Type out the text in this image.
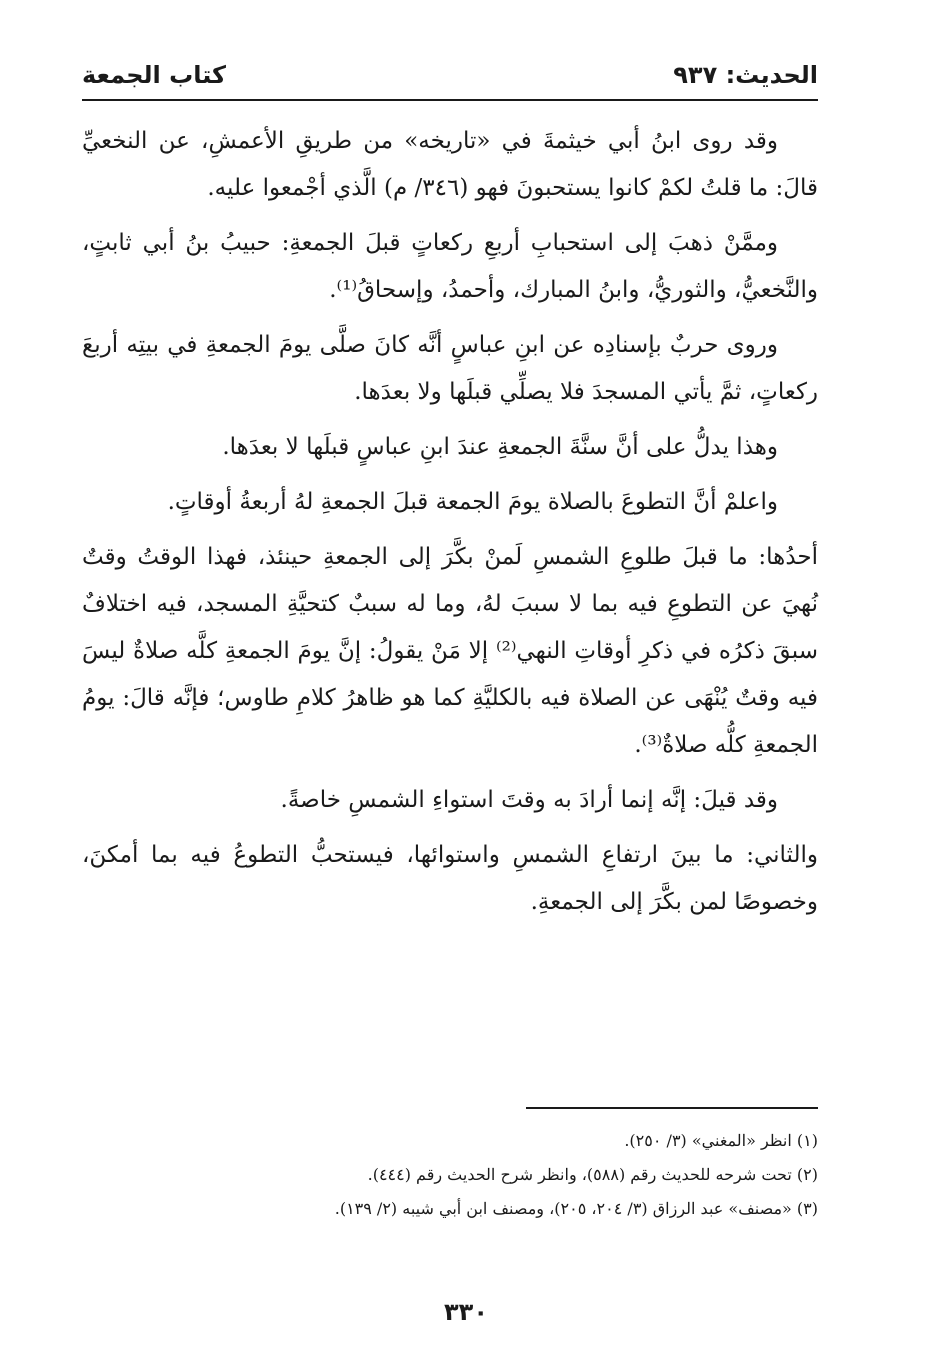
الحديث: ٩٣٧
كتاب الجمعة

وقد روى ابنُ أبي خيثمةَ في «تاريخه» من طريقِ الأعمشِ، عن النخعيِّ قالَ: ما قلتُ لكمْ كانوا يستحبونَ فهو (٣٤٦/ م) الَّذي أجْمعوا عليه.

وممَّنْ ذهبَ إلى استحبابِ أربعِ ركعاتٍ قبلَ الجمعةِ: حبيبُ بنُ أبي ثابتٍ، والنَّخعيُّ، والثوريُّ، وابنُ المبارك، وأحمدُ، وإسحاقُ⁽¹⁾.

وروى حربٌ بإسنادِه عن ابنِ عباسٍ أنَّه كانَ صلَّى يومَ الجمعةِ في بيتِه أربعَ ركعاتٍ، ثمَّ يأتي المسجدَ فلا يصلِّي قبلَها ولا بعدَها.

وهذا يدلُّ على أنَّ سنَّةَ الجمعةِ عندَ ابنِ عباسٍ قبلَها لا بعدَها.

واعلمْ أنَّ التطوعَ بالصلاة يومَ الجمعة قبلَ الجمعةِ لهُ أربعةُ أوقاتٍ.

أحدُها: ما قبلَ طلوعِ الشمسِ لَمنْ بكَّرَ إلى الجمعةِ حينئذ، فهذا الوقتُ وقتٌ نُهيَ عن التطوعِ فيه بما لا سببَ لهُ، وما له سببٌ كتحيَّةِ المسجد، فيه اختلافٌ سبقَ ذكرُه في ذكرِ أوقاتِ النهي⁽²⁾ إلا مَنْ يقولُ: إنَّ يومَ الجمعةِ كلَّه صلاةٌ ليسَ فيه وقتٌ يُنْهَى عن الصلاة فيه بالكليَّةِ كما هو ظاهرُ كلامِ طاوس؛ فإنَّه قالَ: يومُ الجمعةِ كلُّه صلاةٌ⁽³⁾.

وقد قيلَ: إنَّه إنما أرادَ به وقتَ استواءِ الشمسِ خاصةً.

والثاني: ما بينَ ارتفاعِ الشمسِ واستوائها، فيستحبُّ التطوعُ فيه بما أمكنَ، وخصوصًا لمن بكَّرَ إلى الجمعةِ.

(١) انظر «المغني» (٣/ ٢٥٠).

(٢) تحت شرحه للحديث رقم (٥٨٨)، وانظر شرح الحديث رقم (٤٤٤).

(٣) «مصنف» عبد الرزاق (٣/ ٢٠٤، ٢٠٥)، ومصنف ابن أبي شيبه (٢/ ١٣٩).

٣٣٠
